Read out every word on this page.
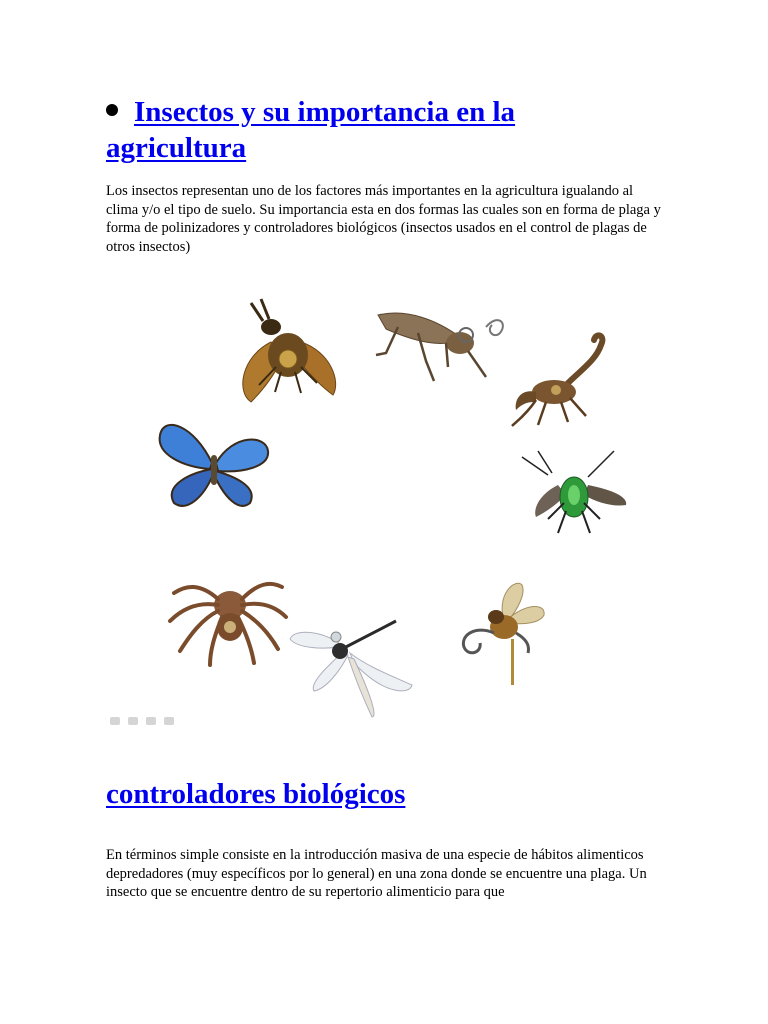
Insectos y su importancia en la
agricultura

Los insectos representan uno de los factores más importantes en la agricultura igualando al clima y/o el tipo de suelo. Su importancia esta en dos formas las cuales son en forma de plaga y forma de polinizadores y controladores biológicos (insectos usados en el control de plagas de otros insectos)

controladores biológicos

En términos simple consiste en la introducción masiva de una especie de hábitos alimenticos depredadores (muy específicos por lo general) en una zona donde se encuentre una plaga. Un insecto que se encuentre dentro de su repertorio alimenticio para que
